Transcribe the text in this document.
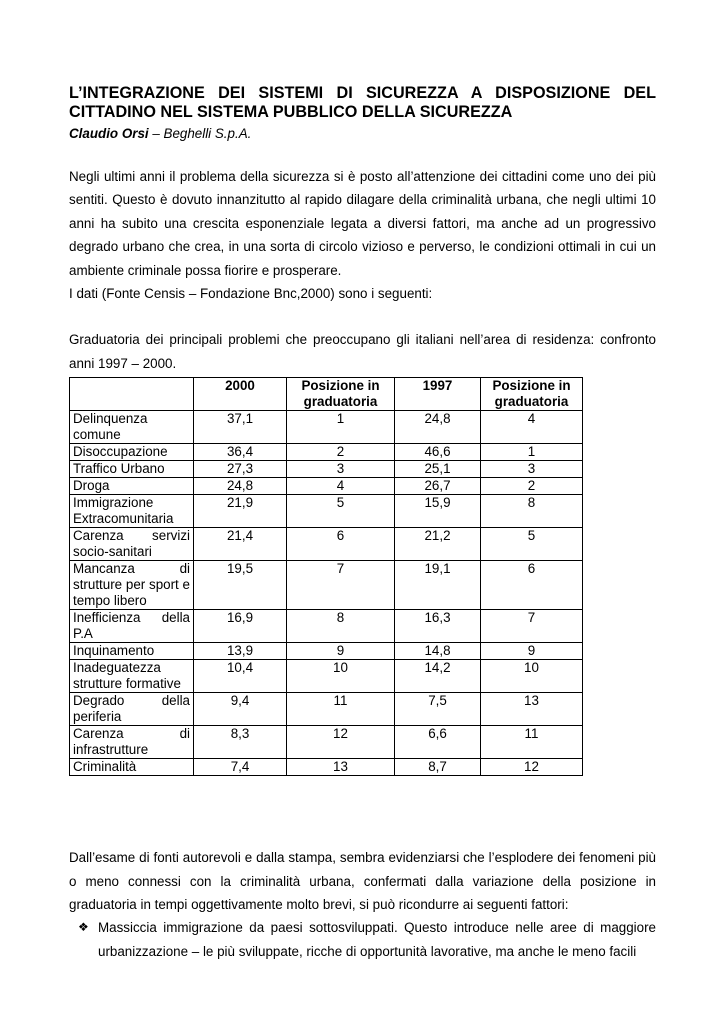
L’INTEGRAZIONE DEI SISTEMI DI SICUREZZA A DISPOSIZIONE DEL

CITTADINO NEL SISTEMA PUBBLICO DELLA SICUREZZA

Claudio Orsi – Beghelli S.p.A.

Negli ultimi anni il problema della sicurezza si è posto all’attenzione dei cittadini come uno dei più sentiti. Questo è dovuto innanzitutto al rapido dilagare della criminalità urbana, che negli ultimi 10 anni ha subito una crescita esponenziale legata a diversi fattori, ma anche ad un progressivo degrado urbano che crea, in una sorta di circolo vizioso e perverso, le condizioni ottimali in cui un ambiente criminale possa fiorire e prosperare.

I dati (Fonte Censis – Fondazione Bnc,2000) sono i seguenti:

Graduatoria dei principali problemi che preoccupano gli italiani nell’area di residenza: confronto anni 1997 – 2000.

	2000	Posizione in graduatoria	1997	Posizione in graduatoria
Delinquenza comune	37,1	1	24,8	4
Disoccupazione	36,4	2	46,6	1
Traffico Urbano	27,3	3	25,1	3
Droga	24,8	4	26,7	2
Immigrazione Extracomunitaria	21,9	5	15,9	8
Carenza servizi socio-sanitari	21,4	6	21,2	5
Mancanza di strutture per sport e tempo libero	19,5	7	19,1	6
Inefficienza della P.A	16,9	8	16,3	7
Inquinamento	13,9	9	14,8	9
Inadeguatezza strutture formative	10,4	10	14,2	10
Degrado della periferia	9,4	11	7,5	13
Carenza di infrastrutture	8,3	12	6,6	11
Criminalità	7,4	13	8,7	12

Dall’esame di fonti autorevoli e dalla stampa, sembra evidenziarsi che l’esplodere dei fenomeni più o meno connessi con la criminalità urbana, confermati dalla variazione della posizione in graduatoria in tempi oggettivamente molto brevi, si può ricondurre ai seguenti fattori:

❖ Massiccia immigrazione da paesi sottosviluppati. Questo introduce nelle aree di maggiore urbanizzazione – le più sviluppate, ricche di opportunità lavorative, ma anche le meno facili
